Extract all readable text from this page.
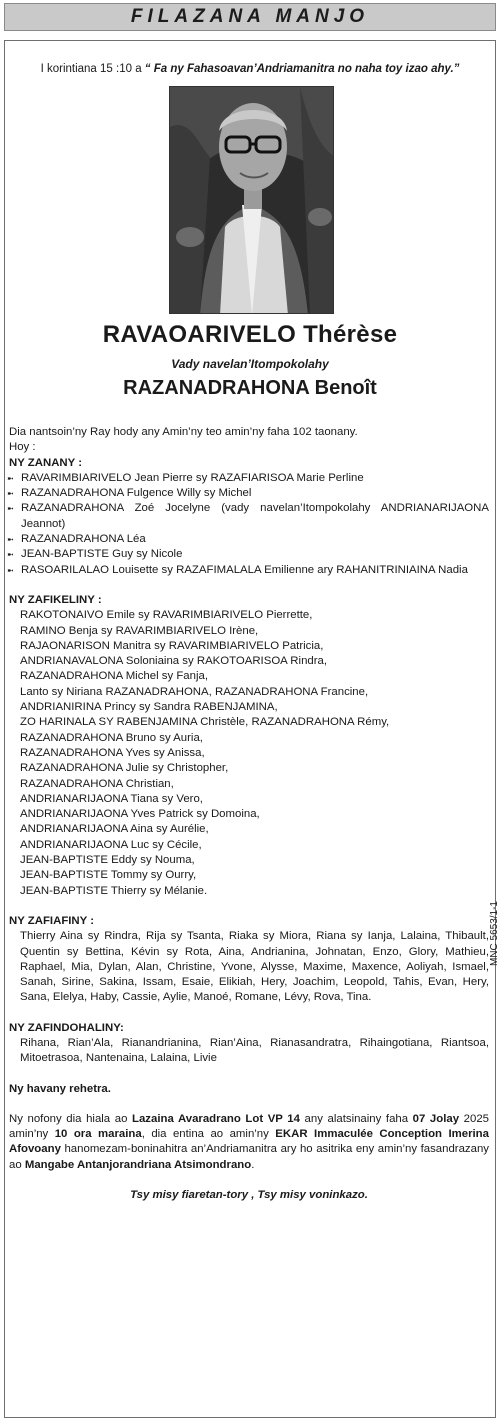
FILAZANA MANJO
I korintiana 15 :10 a “ Fa ny Fahasoavan’Andriamanitra no naha toy izao ahy.”
RAVAOARIVELO Thérèse
Vady navelan’Itompokolahy
RAZANADRAHONA Benoît

Dia nantsoin’ny Ray hody any Amin’ny teo amin’ny faha 102 taonany.

Hoy :

NY ZANANY :

➼ RAVARIMBIARIVELO Jean Pierre sy RAZAFIARISOA Marie Perline

➼ RAZANADRAHONA Fulgence Willy sy Michel

➼ RAZANADRAHONA Zoé Jocelyne (vady navelan’Itompokolahy ANDRIANARIJAONA Jeannot)

➼ RAZANADRAHONA Léa

➼ JEAN-BAPTISTE Guy sy Nicole

➼ RASOARILALAO Louisette sy RAZAFIMALALA Emilienne ary RAHANITRINIAINA Nadia

NY ZAFIKELINY :

RAKOTONAIVO Emile sy RAVARIMBIARIVELO Pierrette,

RAMINO Benja sy RAVARIMBIARIVELO Irène,

RAJAONARISON Manitra sy RAVARIMBIARIVELO Patricia,

ANDRIANAVALONA Soloniaina sy RAKOTOARISOA Rindra,

RAZANADRAHONA Michel sy Fanja,

Lanto sy Niriana RAZANADRAHONA, RAZANADRAHONA Francine,

ANDRIANIRINA Princy sy Sandra RABENJAMINA,

ZO HARINALA SY RABENJAMINA Christèle, RAZANADRAHONA Rémy,

RAZANADRAHONA Bruno sy Auria,

RAZANADRAHONA Yves sy Anissa,

RAZANADRAHONA Julie sy Christopher,

RAZANADRAHONA Christian,

ANDRIANARIJAONA Tiana sy Vero,

ANDRIANARIJAONA Yves Patrick sy Domoina,

ANDRIANARIJAONA Aina sy Aurélie,

ANDRIANARIJAONA Luc sy Cécile,

JEAN-BAPTISTE Eddy sy Nouma,

JEAN-BAPTISTE Tommy sy Ourry,

JEAN-BAPTISTE Thierry sy Mélanie.

NY ZAFIAFINY :

Thierry Aina sy Rindra, Rija sy Tsanta, Riaka sy Miora, Riana sy Ianja, Lalaina, Thibault, Quentin sy Bettina, Kévin sy Rota, Aina, Andrianina, Johnatan, Enzo, Glory, Mathieu, Raphael, Mia, Dylan, Alan, Christine, Yvone, Alysse, Maxime, Maxence, Aoliyah, Ismael, Sanah, Sirine, Sakina, Issam, Esaie, Elikiah, Hery, Joachim, Leopold, Tahis, Evan, Hery, Sana, Elelya, Haby, Cassie, Aylie, Manoé, Romane, Lévy, Rova, Tina.

NY ZAFINDOHALINY:

Rihana, Rian’Ala, Rianandrianina, Rian’Aina, Rianasandratra, Rihaingotiana, Riantsoa, Mitoetrasoa, Nantenaina, Lalaina, Livie

Ny havany rehetra.

Ny nofony dia hiala ao Lazaina Avaradrano Lot VP 14 any alatsinainy faha 07 Jolay 2025 amin’ny 10 ora maraina, dia entina ao amin’ny EKAR Immaculée Conception Imerina Afovoany hanomezam-boninahitra an’Andriamanitra ary ho asitrika eny amin’ny fasandrazany ao Mangabe Antanjorandriana Atsimondrano.

Tsy misy fiaretan-tory , Tsy misy voninkazo.

MNC 5653/1-1
